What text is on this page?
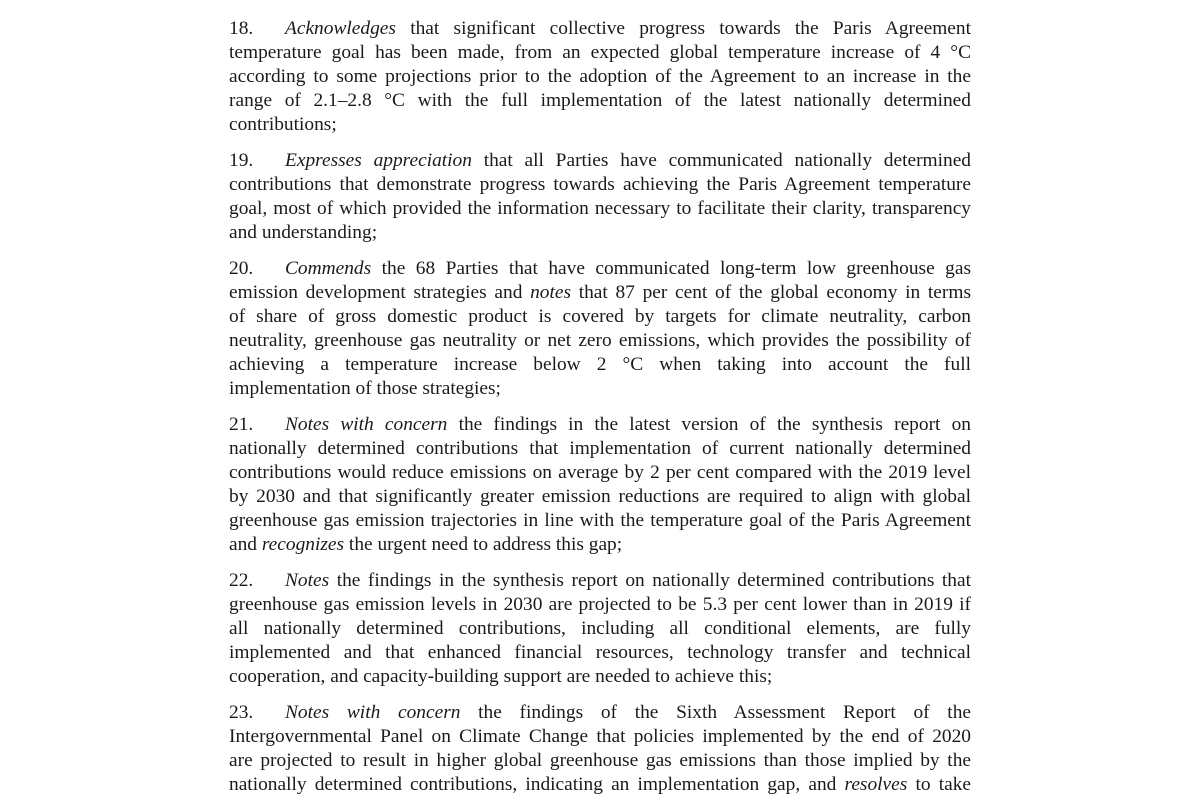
18. Acknowledges that significant collective progress towards the Paris Agreement
temperature goal has been made, from an expected global temperature increase of 4 °C
according to some projections prior to the adoption of the Agreement to an increase in the
range of 2.1–2.8 °C with the full implementation of the latest nationally determined
contributions;
19. Expresses appreciation that all Parties have communicated nationally determined
contributions that demonstrate progress towards achieving the Paris Agreement temperature
goal, most of which provided the information necessary to facilitate their clarity, transparency
and understanding;
20. Commends the 68 Parties that have communicated long-term low greenhouse gas
emission development strategies and notes that 87 per cent of the global economy in terms
of share of gross domestic product is covered by targets for climate neutrality, carbon
neutrality, greenhouse gas neutrality or net zero emissions, which provides the possibility of
achieving a temperature increase below 2 °C when taking into account the full
implementation of those strategies;
21. Notes with concern the findings in the latest version of the synthesis report on
nationally determined contributions that implementation of current nationally determined
contributions would reduce emissions on average by 2 per cent compared with the 2019 level
by 2030 and that significantly greater emission reductions are required to align with global
greenhouse gas emission trajectories in line with the temperature goal of the Paris Agreement
and recognizes the urgent need to address this gap;
22. Notes the findings in the synthesis report on nationally determined contributions that
greenhouse gas emission levels in 2030 are projected to be 5.3 per cent lower than in 2019 if
all nationally determined contributions, including all conditional elements, are fully
implemented and that enhanced financial resources, technology transfer and technical
cooperation, and capacity-building support are needed to achieve this;
23. Notes with concern the findings of the Sixth Assessment Report of the
Intergovernmental Panel on Climate Change that policies implemented by the end of 2020
are projected to result in higher global greenhouse gas emissions than those implied by the
nationally determined contributions, indicating an implementation gap, and resolves to take
